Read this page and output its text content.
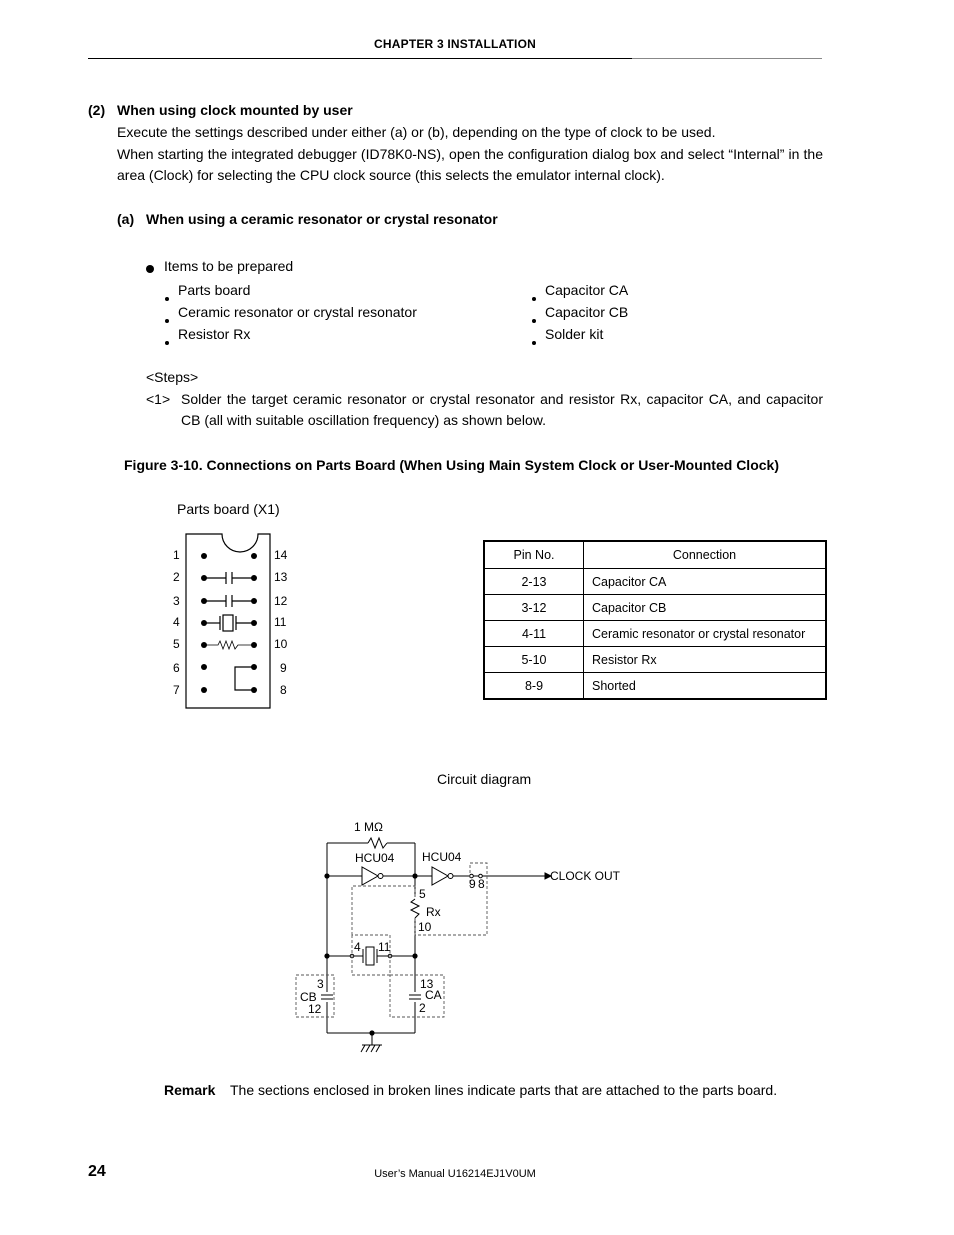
CHAPTER 3 INSTALLATION
(2) When using clock mounted by user
Execute the settings described under either (a) or (b), depending on the type of clock to be used.
When starting the integrated debugger (ID78K0-NS), open the configuration dialog box and select “Internal” in the area (Clock) for selecting the CPU clock source (this selects the emulator internal clock).
(a) When using a ceramic resonator or crystal resonator
Items to be prepared
Parts board
Ceramic resonator or crystal resonator
Resistor Rx
Capacitor CA
Capacitor CB
Solder kit
<Steps>
<1> Solder the target ceramic resonator or crystal resonator and resistor Rx, capacitor CA, and capacitor CB (all with suitable oscillation frequency) as shown below.
Figure 3-10. Connections on Parts Board (When Using Main System Clock or User-Mounted Clock)
Parts board (X1)
1
2
3
4
5
6
7
14
13
12
11
10
9
8
Pin No.	Connection
2-13	Capacitor CA
3-12	Capacitor CB
4-11	Ceramic resonator or crystal resonator
5-10	Resistor Rx
8-9	Shorted
Circuit diagram
1 MΩ
HCU04 HCU04
CLOCK OUT
9 8
5
Rx
10
4 11
3
CB
12
13
CA
2
Remark The sections enclosed in broken lines indicate parts that are attached to the parts board.
24	User’s Manual U16214EJ1V0UM
